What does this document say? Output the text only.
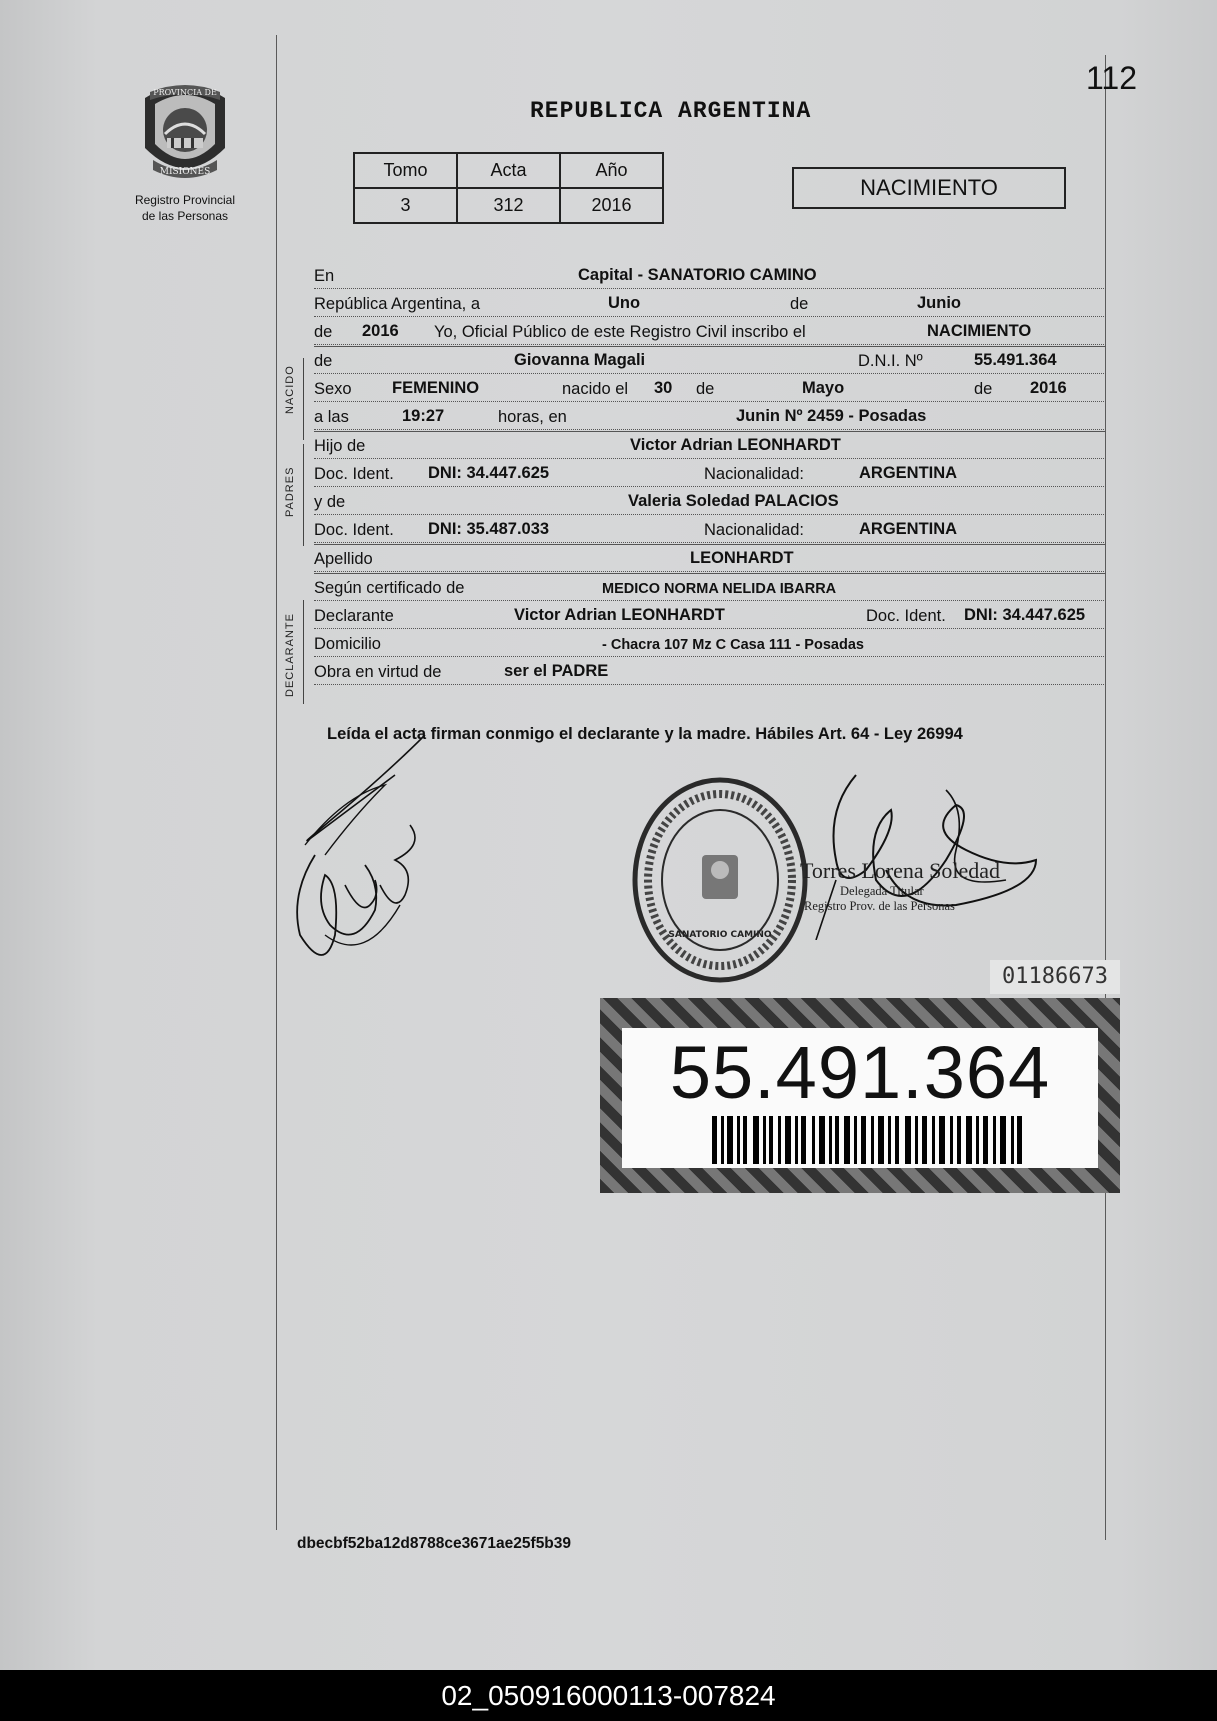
112
PROVINCIA DE
MISIONES
Registro Provincial
de las Personas
REPUBLICA ARGENTINA
Tomo	Acta	Año
3	312	2016
NACIMIENTO
NACIDO
PADRES
DECLARANTE
En	Capital - SANATORIO CAMINO
República Argentina, a	Uno	de	Junio
de 2016 Yo, Oficial Público de este Registro Civil inscribo el	NACIMIENTO
de	Giovanna Magali	D.N.I. Nº	55.491.364
Sexo FEMENINO	nacido el 30 de	Mayo	de 2016
a las	19:27	horas, en	Junin Nº 2459 - Posadas
Hijo de	Victor Adrian LEONHARDT
Doc. Ident. DNI: 34.447.625	Nacionalidad:	ARGENTINA
y de	Valeria Soledad PALACIOS
Doc. Ident. DNI: 35.487.033	Nacionalidad:	ARGENTINA
Apellido	LEONHARDT
Según certificado de	MEDICO NORMA NELIDA IBARRA
Declarante	Victor Adrian LEONHARDT	Doc. Ident. DNI: 34.447.625
Domicilio	- Chacra 107 Mz C Casa 111 - Posadas
Obra en virtud de	ser el PADRE
Leída el acta firman conmigo el declarante y la madre. Hábiles Art. 64 - Ley 26994
SANATORIO CAMINO
Torres Lorena Soledad
Delegada Titular
Registro Prov. de las Personas
01186673
55.491.364
dbecbf52ba12d8788ce3671ae25f5b39
02_050916000113-007824
